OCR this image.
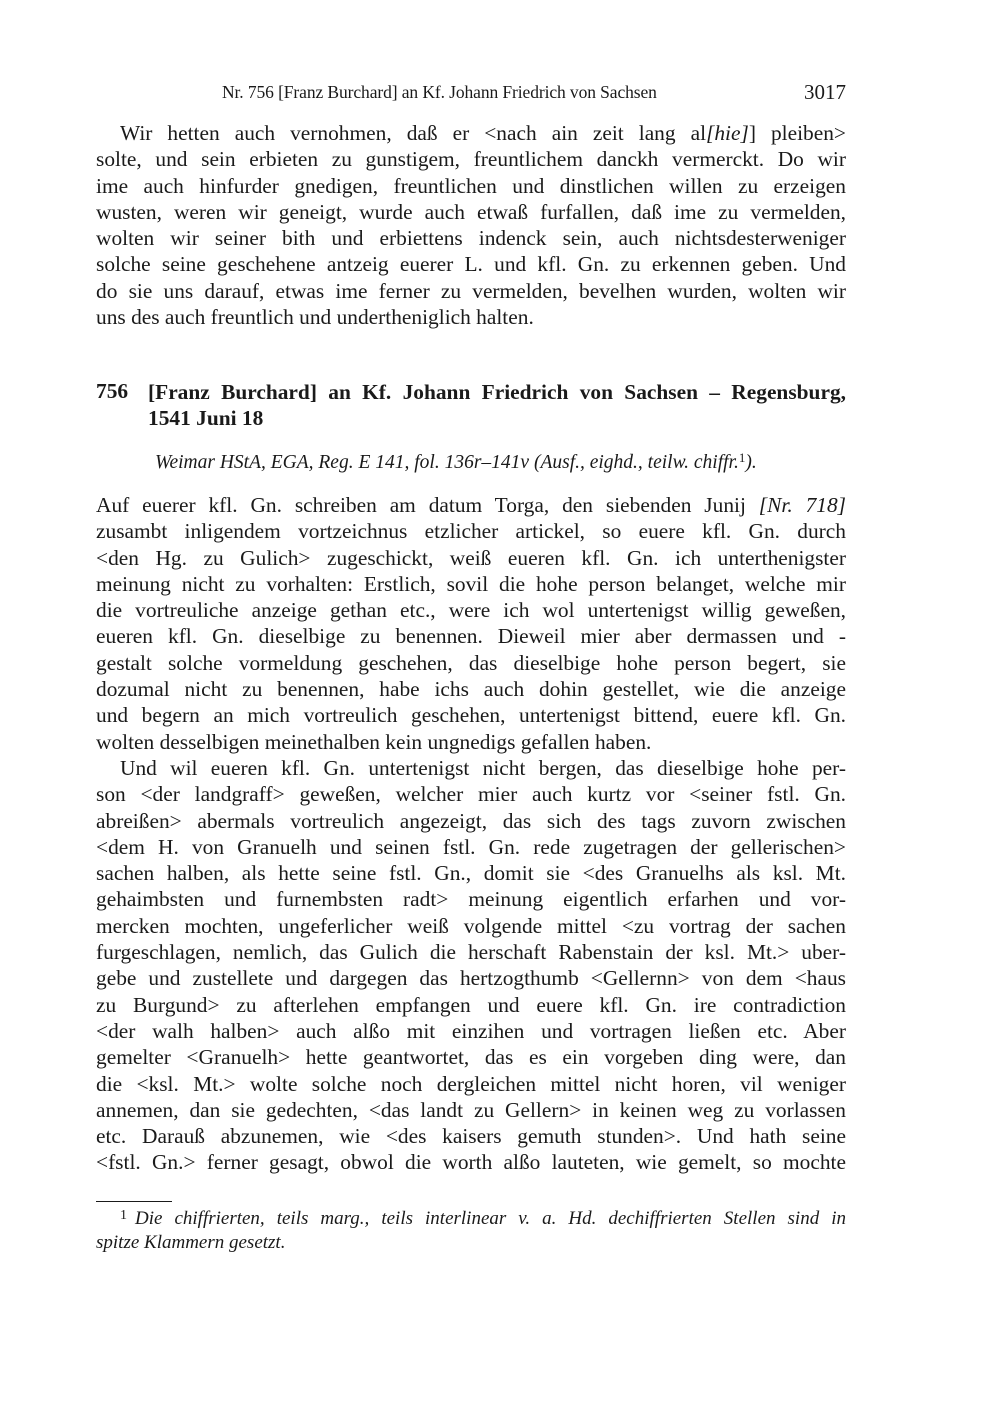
Nr. 756 [Franz Burchard] an Kf. Johann Friedrich von Sachsen	3017
Wir hetten auch vernohmen, daß er <nach ain zeit lang al[hie]] pleiben>
solte, und sein erbieten zu gunstigem, freuntlichem danckh vermerckt. Do wir
ime auch hinfurder gnedigen, freuntlichen und dinstlichen willen zu erzeigen
wusten, weren wir geneigt, wurde auch etwaß furfallen, daß ime zu vermelden,
wolten wir seiner bith und erbiettens indenck sein, auch nichtsdesterweniger
solche seine geschehene antzeig euerer L. und kfl. Gn. zu erkennen geben. Und
do sie uns darauf, etwas ime ferner zu vermelden, bevelhen wurden, wolten wir
uns des auch freuntlich und undertheniglich halten.
756 [Franz Burchard] an Kf. Johann Friedrich von Sachsen – Regensburg,
1541 Juni 18
Weimar HStA, EGA, Reg. E 141, fol. 136r–141v (Ausf., eighd., teilw. chiffr.$^1$).
Auf euerer kfl. Gn. schreiben am datum Torga, den siebenden Junij [Nr. 718]
zusambt inligendem vortzeichnus etzlicher artickel, so euere kfl. Gn. durch
<den Hg. zu Gulich> zugeschickt, weiß eueren kfl. Gn. ich unterthenigster
meinung nicht zu vorhalten: Erstlich, sovil die hohe person belanget, welche mir
die vortreuliche anzeige gethan etc., were ich wol untertenigst willig geweßen,
eueren kfl. Gn. dieselbige zu benennen. Dieweil mier aber dermassen und -
gestalt solche vormeldung geschehen, das dieselbige hohe person begert, sie
dozumal nicht zu benennen, habe ichs auch dohin gestellet, wie die anzeige
und begern an mich vortreulich geschehen, untertenigst bittend, euere kfl. Gn.
wolten desselbigen meinethalben kein ungnedigs gefallen haben.
Und wil eueren kfl. Gn. untertenigst nicht bergen, das dieselbige hohe per-
son <der landgraff> geweßen, welcher mier auch kurtz vor <seiner fstl. Gn.
abreißen> abermals vortreulich angezeigt, das sich des tags zuvorn zwischen
<dem H. von Granuelh und seinen fstl. Gn. rede zugetragen der gellerischen>
sachen halben, als hette seine fstl. Gn., domit sie <des Granuelhs als ksl. Mt.
gehaimbsten und furnembsten radt> meinung eigentlich erfarhen und vor-
mercken mochten, ungeferlicher weiß volgende mittel <zu vortrag der sachen
furgeschlagen, nemlich, das Gulich die herschaft Rabenstain der ksl. Mt.> uber-
gebe und zustellete und dargegen das hertzogthumb <Gellernn> von dem <haus
zu Burgund> zu afterlehen empfangen und euere kfl. Gn. ire contradiction
<der walh halben> auch alßo mit einzihen und vortragen ließen etc. Aber
gemelter <Granuelh> hette geantwortet, das es ein vorgeben ding were, dan
die <ksl. Mt.> wolte solche noch dergleichen mittel nicht horen, vil weniger
annemen, dan sie gedechten, <das landt zu Gellern> in keinen weg zu vorlassen
etc. Darauß abzunemen, wie <des kaisers gemuth stunden>. Und hath seine
<fstl. Gn.> ferner gesagt, obwol die worth alßo lauteten, wie gemelt, so mochte
$^1$ Die chiffrierten, teils marg., teils interlinear v. a. Hd. dechiffrierten Stellen sind in
spitze Klammern gesetzt.
